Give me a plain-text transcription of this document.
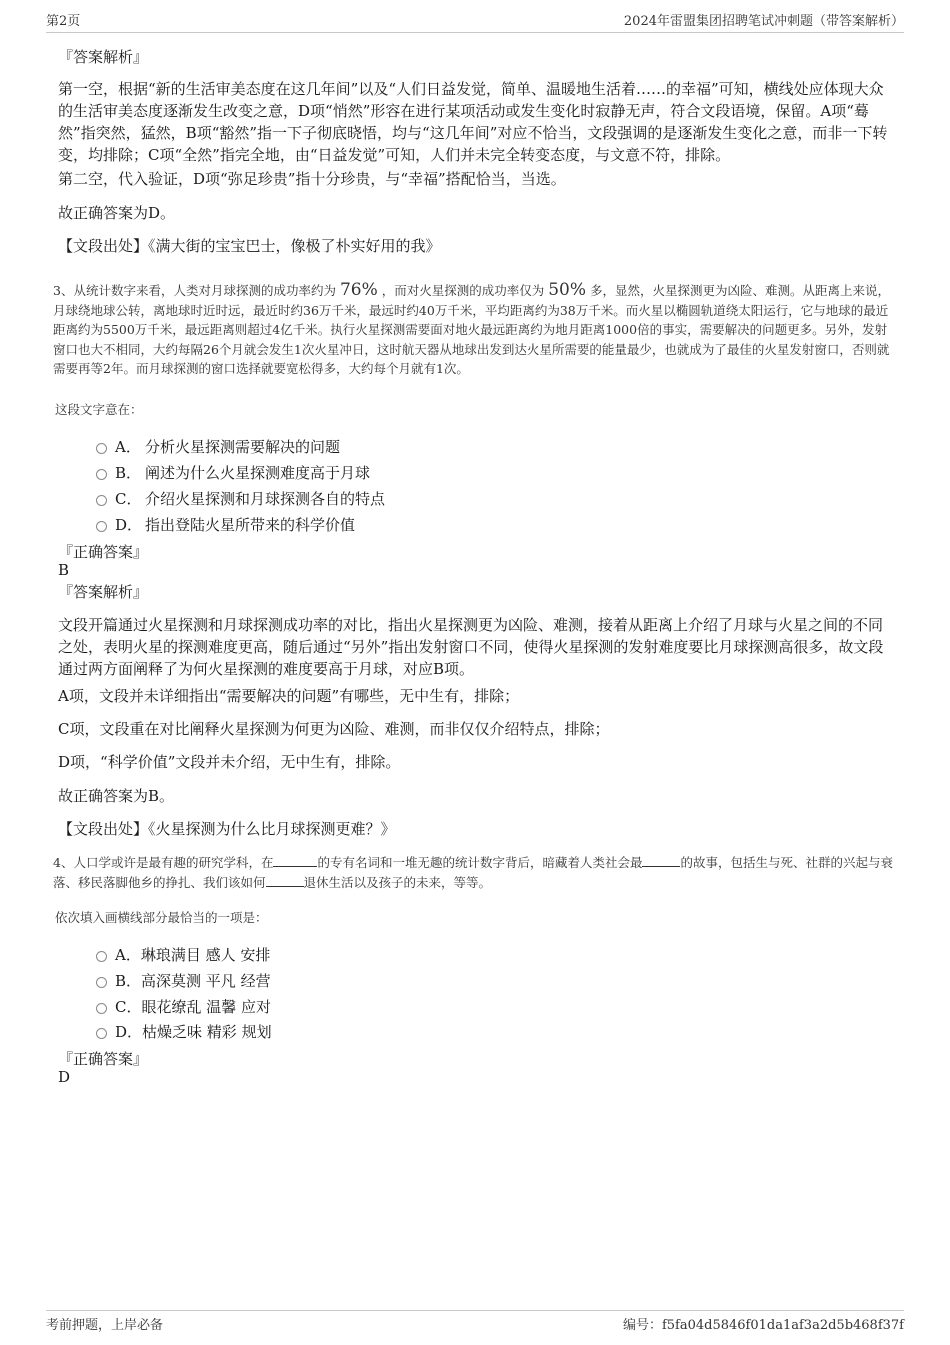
第2页	2024年雷盟集团招聘笔试冲刺题（带答案解析）
『答案解析』
第一空，根据“新的生活审美态度在这几年间”以及“人们日益发觉，简单、温暖地生活着……的幸福”可知，横线处应体现大众的生活审美态度逐渐发生改变之意，D项“悄然”形容在进行某项活动或发生变化时寂静无声，符合文段语境，保留。A项“蓦然”指突然，猛然，B项“豁然”指一下子彻底晓悟，均与“这几年间”对应不恰当，文段强调的是逐渐发生变化之意，而非一下转变，均排除；C项“全然”指完全地，由“日益发觉”可知，人们并未完全转变态度，与文意不符，排除。
第二空，代入验证，D项“弥足珍贵”指十分珍贵，与“幸福”搭配恰当，当选。
故正确答案为D。
【文段出处】《满大街的宝宝巴士，像极了朴实好用的我》
3、从统计数字来看，人类对月球探测的成功率约为 76% ，而对火星探测的成功率仅为 50% 多，显然，火星探测更为凶险、难测。从距离上来说，月球绕地球公转，离地球时近时远，最近时约36万千米，最远时约40万千米，平均距离约为38万千米。而火星以椭圆轨道绕太阳运行，它与地球的最近距离约为5500万千米，最远距离则超过4亿千米。执行火星探测需要面对地火最远距离约为地月距离1000倍的事实，需要解决的问题更多。另外，发射窗口也大不相同，大约每隔26个月就会发生1次火星冲日，这时航天器从地球出发到达火星所需要的能量最少，也就成为了最佳的火星发射窗口，否则就需要再等2年。而月球探测的窗口选择就要宽松得多，大约每个月就有1次。
这段文字意在：
A． 分析火星探测需要解决的问题
B． 阐述为什么火星探测难度高于月球
C． 介绍火星探测和月球探测各自的特点
D． 指出登陆火星所带来的科学价值
『正确答案』
B
『答案解析』
文段开篇通过火星探测和月球探测成功率的对比，指出火星探测更为凶险、难测，接着从距离上介绍了月球与火星之间的不同之处，表明火星的探测难度更高，随后通过“另外”指出发射窗口不同，使得火星探测的发射难度要比月球探测高很多，故文段通过两方面阐释了为何火星探测的难度要高于月球，对应B项。
A项，文段并未详细指出“需要解决的问题”有哪些，无中生有，排除；
C项，文段重在对比阐释火星探测为何更为凶险、难测，而非仅仅介绍特点，排除；
D项，“科学价值”文段并未介绍，无中生有，排除。
故正确答案为B。
【文段出处】《火星探测为什么比月球探测更难？》
4、人口学或许是最有趣的研究学科，在	的专有名词和一堆无趣的统计数字背后，暗藏着人类社会最	的故事，包括生与死、社群的兴起与衰落、移民落脚他乡的挣扎、我们该如何	退休生活以及孩子的未来，等等。
依次填入画横线部分最恰当的一项是：
A． 琳琅满目 感人 安排
B． 高深莫测 平凡 经营
C． 眼花缭乱 温馨 应对
D． 枯燥乏味 精彩 规划
『正确答案』
D
考前押题，上岸必备	编号：f5fa04d5846f01da1af3a2d5b468f37f
